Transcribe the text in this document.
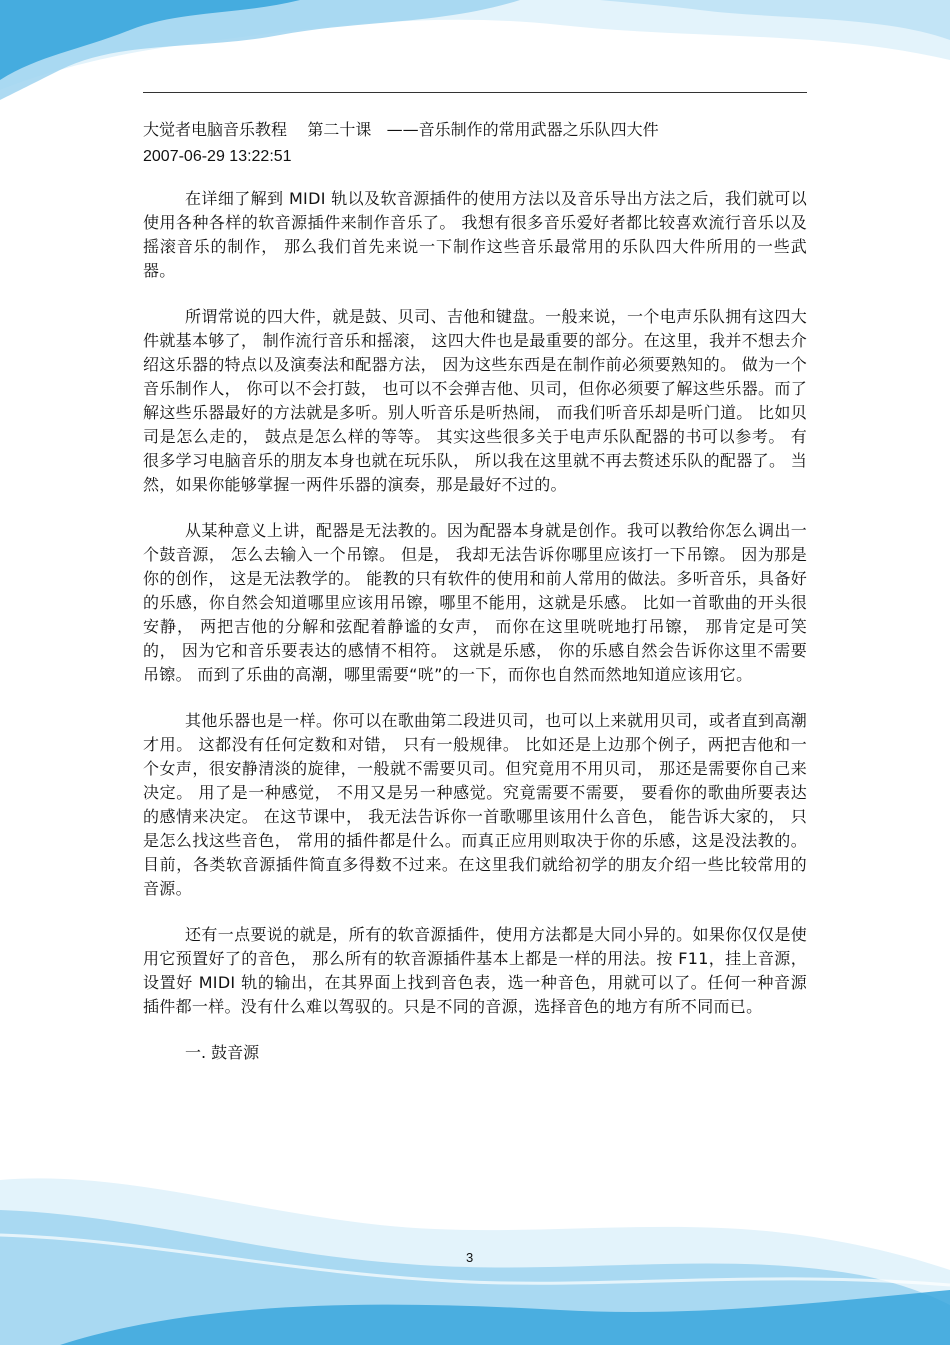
大觉者电脑音乐教程    第二十课   ——音乐制作的常用武器之乐队四大件
2007-06-29 13:22:51

在详细了解到 MIDI 轨以及软音源插件的使用方法以及音乐导出方法之后，我们就可以使用各种各样的软音源插件来制作音乐了。 我想有很多音乐爱好者都比较喜欢流行音乐以及摇滚音乐的制作， 那么我们首先来说一下制作这些音乐最常用的乐队四大件所用的一些武器。

所谓常说的四大件，就是鼓、贝司、吉他和键盘。一般来说，一个电声乐队拥有这四大件就基本够了， 制作流行音乐和摇滚， 这四大件也是最重要的部分。在这里，我并不想去介绍这乐器的特点以及演奏法和配器方法， 因为这些东西是在制作前必须要熟知的。 做为一个音乐制作人， 你可以不会打鼓， 也可以不会弹吉他、贝司，但你必须要了解这些乐器。而了解这些乐器最好的方法就是多听。别人听音乐是听热闹， 而我们听音乐却是听门道。 比如贝司是怎么走的， 鼓点是怎么样的等等。 其实这些很多关于电声乐队配器的书可以参考。 有很多学习电脑音乐的朋友本身也就在玩乐队， 所以我在这里就不再去赘述乐队的配器了。 当然，如果你能够掌握一两件乐器的演奏，那是最好不过的。

从某种意义上讲，配器是无法教的。因为配器本身就是创作。我可以教给你怎么调出一个鼓音源， 怎么去输入一个吊镲。 但是， 我却无法告诉你哪里应该打一下吊镲。 因为那是你的创作， 这是无法教学的。 能教的只有软件的使用和前人常用的做法。多听音乐，具备好的乐感，你自然会知道哪里应该用吊镲，哪里不能用，这就是乐感。 比如一首歌曲的开头很安静， 两把吉他的分解和弦配着静谧的女声， 而你在这里咣咣地打吊镲， 那肯定是可笑的， 因为它和音乐要表达的感情不相符。 这就是乐感， 你的乐感自然会告诉你这里不需要吊镲。 而到了乐曲的高潮，哪里需要“咣”的一下，而你也自然而然地知道应该用它。

其他乐器也是一样。你可以在歌曲第二段进贝司，也可以上来就用贝司，或者直到高潮才用。 这都没有任何定数和对错， 只有一般规律。 比如还是上边那个例子，两把吉他和一个女声，很安静清淡的旋律，一般就不需要贝司。但究竟用不用贝司， 那还是需要你自己来决定。 用了是一种感觉， 不用又是另一种感觉。究竟需要不需要， 要看你的歌曲所要表达的感情来决定。 在这节课中， 我无法告诉你一首歌哪里该用什么音色， 能告诉大家的， 只是怎么找这些音色， 常用的插件都是什么。而真正应用则取决于你的乐感，这是没法教的。目前，各类软音源插件简直多得数不过来。在这里我们就给初学的朋友介绍一些比较常用的音源。

还有一点要说的就是，所有的软音源插件，使用方法都是大同小异的。如果你仅仅是使用它预置好了的音色， 那么所有的软音源插件基本上都是一样的用法。按 F11，挂上音源，设置好 MIDI 轨的输出，在其界面上找到音色表，选一种音色，用就可以了。任何一种音源插件都一样。没有什么难以驾驭的。只是不同的音源，选择音色的地方有所不同而已。

一. 鼓音源

3
